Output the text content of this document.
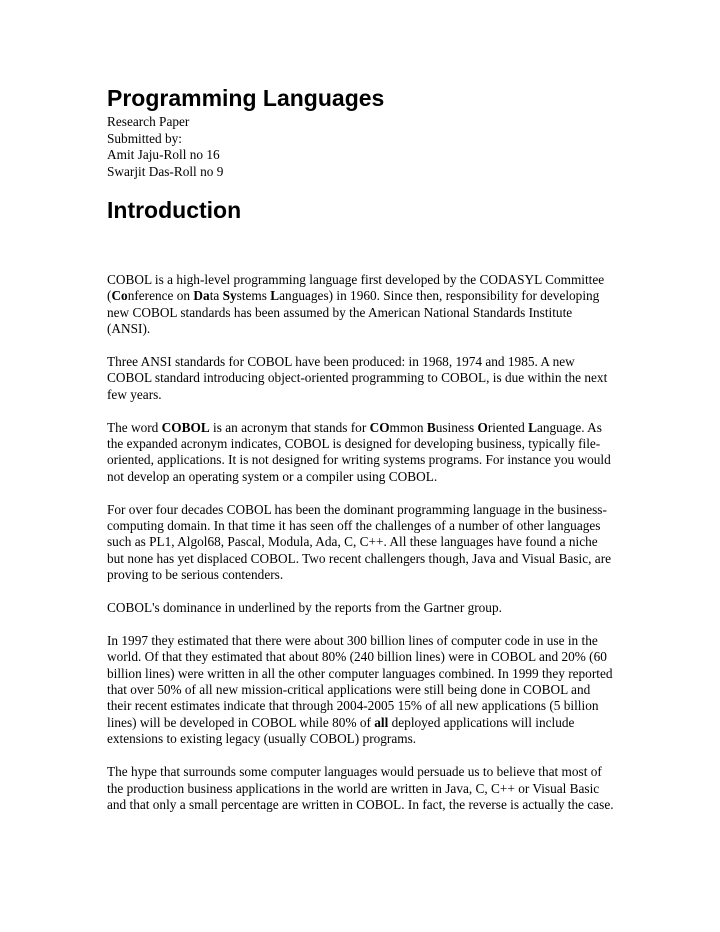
Programming Languages
Research Paper
Submitted by:
Amit Jaju-Roll no 16
Swarjit Das-Roll no 9
Introduction

COBOL is a high-level programming language first developed by the CODASYL Committee (Conference on Data Systems Languages) in 1960. Since then, responsibility for developing new COBOL standards has been assumed by the American National Standards Institute (ANSI).

Three ANSI standards for COBOL have been produced: in 1968, 1974 and 1985. A new COBOL standard introducing object-oriented programming to COBOL, is due within the next few years.

The word COBOL is an acronym that stands for COmmon Business Oriented Language. As the expanded acronym indicates, COBOL is designed for developing business, typically file-oriented, applications. It is not designed for writing systems programs. For instance you would not develop an operating system or a compiler using COBOL.

For over four decades COBOL has been the dominant programming language in the business-computing domain. In that time it has seen off the challenges of a number of other languages such as PL1, Algol68, Pascal, Modula, Ada, C, C++. All these languages have found a niche but none has yet displaced COBOL. Two recent challengers though, Java and Visual Basic, are proving to be serious contenders.

COBOL's dominance in underlined by the reports from the Gartner group.

In 1997 they estimated that there were about 300 billion lines of computer code in use in the world. Of that they estimated that about 80% (240 billion lines) were in COBOL and 20% (60 billion lines) were written in all the other computer languages combined. In 1999 they reported that over 50% of all new mission-critical applications were still being done in COBOL and their recent estimates indicate that through 2004-2005 15% of all new applications (5 billion lines) will be developed in COBOL while 80% of all deployed applications will include extensions to existing legacy (usually COBOL) programs.

The hype that surrounds some computer languages would persuade us to believe that most of the production business applications in the world are written in Java, C, C++ or Visual Basic and that only a small percentage are written in COBOL. In fact, the reverse is actually the case.
